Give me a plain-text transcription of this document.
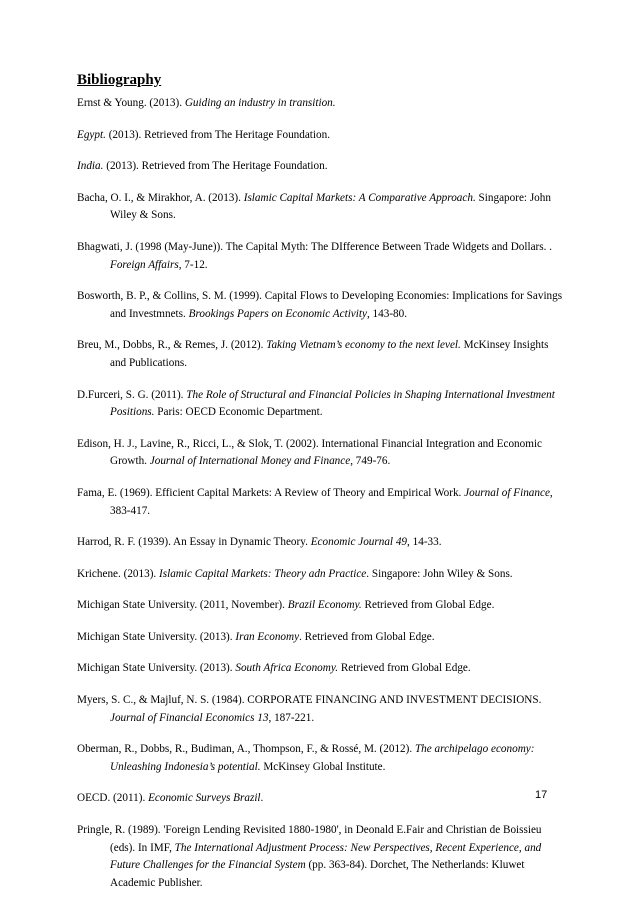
Bibliography

Ernst & Young. (2013). Guiding an industry in transition.

Egypt. (2013). Retrieved from The Heritage Foundation.

India. (2013). Retrieved from The Heritage Foundation.

Bacha, O. I., & Mirakhor, A. (2013). Islamic Capital Markets: A Comparative Approach. Singapore: John Wiley & Sons.

Bhagwati, J. (1998 (May-June)). The Capital Myth: The DIfference Between Trade Widgets and Dollars. . Foreign Affairs, 7-12.

Bosworth, B. P., & Collins, S. M. (1999). Capital Flows to Developing Economies: Implications for Savings and Investmnets. Brookings Papers on Economic Activity, 143-80.

Breu, M., Dobbs, R., & Remes, J. (2012). Taking Vietnam’s economy to the next level. McKinsey Insights and Publications.

D.Furceri, S. G. (2011). The Role of Structural and Financial Policies in Shaping International Investment Positions. Paris: OECD Economic Department.

Edison, H. J., Lavine, R., Ricci, L., & Slok, T. (2002). International Financial Integration and Economic Growth. Journal of International Money and Finance, 749-76.

Fama, E. (1969). Efficient Capital Markets: A Review of Theory and Empirical Work. Journal of Finance, 383-417.

Harrod, R. F. (1939). An Essay in Dynamic Theory. Economic Journal 49, 14-33.

Krichene. (2013). Islamic Capital Markets: Theory adn Practice. Singapore: John Wiley & Sons.

Michigan State University. (2011, November). Brazil Economy. Retrieved from Global Edge.

Michigan State University. (2013). Iran Economy. Retrieved from Global Edge.

Michigan State University. (2013). South Africa Economy. Retrieved from Global Edge.

Myers, S. C., & Majluf, N. S. (1984). CORPORATE FINANCING AND INVESTMENT DECISIONS. Journal of Financial Economics 13, 187-221.

Oberman, R., Dobbs, R., Budiman, A., Thompson, F., & Rossé, M. (2012). The archipelago economy: Unleashing Indonesia’s potential. McKinsey Global Institute.

OECD. (2011). Economic Surveys Brazil.

Pringle, R. (1989). 'Foreign Lending Revisited 1880-1980', in Deonald E.Fair and Christian de Boissieu (eds). In IMF, The International Adjustment Process: New Perspectives, Recent Experience, and Future Challenges for the Financial System (pp. 363-84). Dorchet, The Netherlands: Kluwet Academic Publisher.

17
